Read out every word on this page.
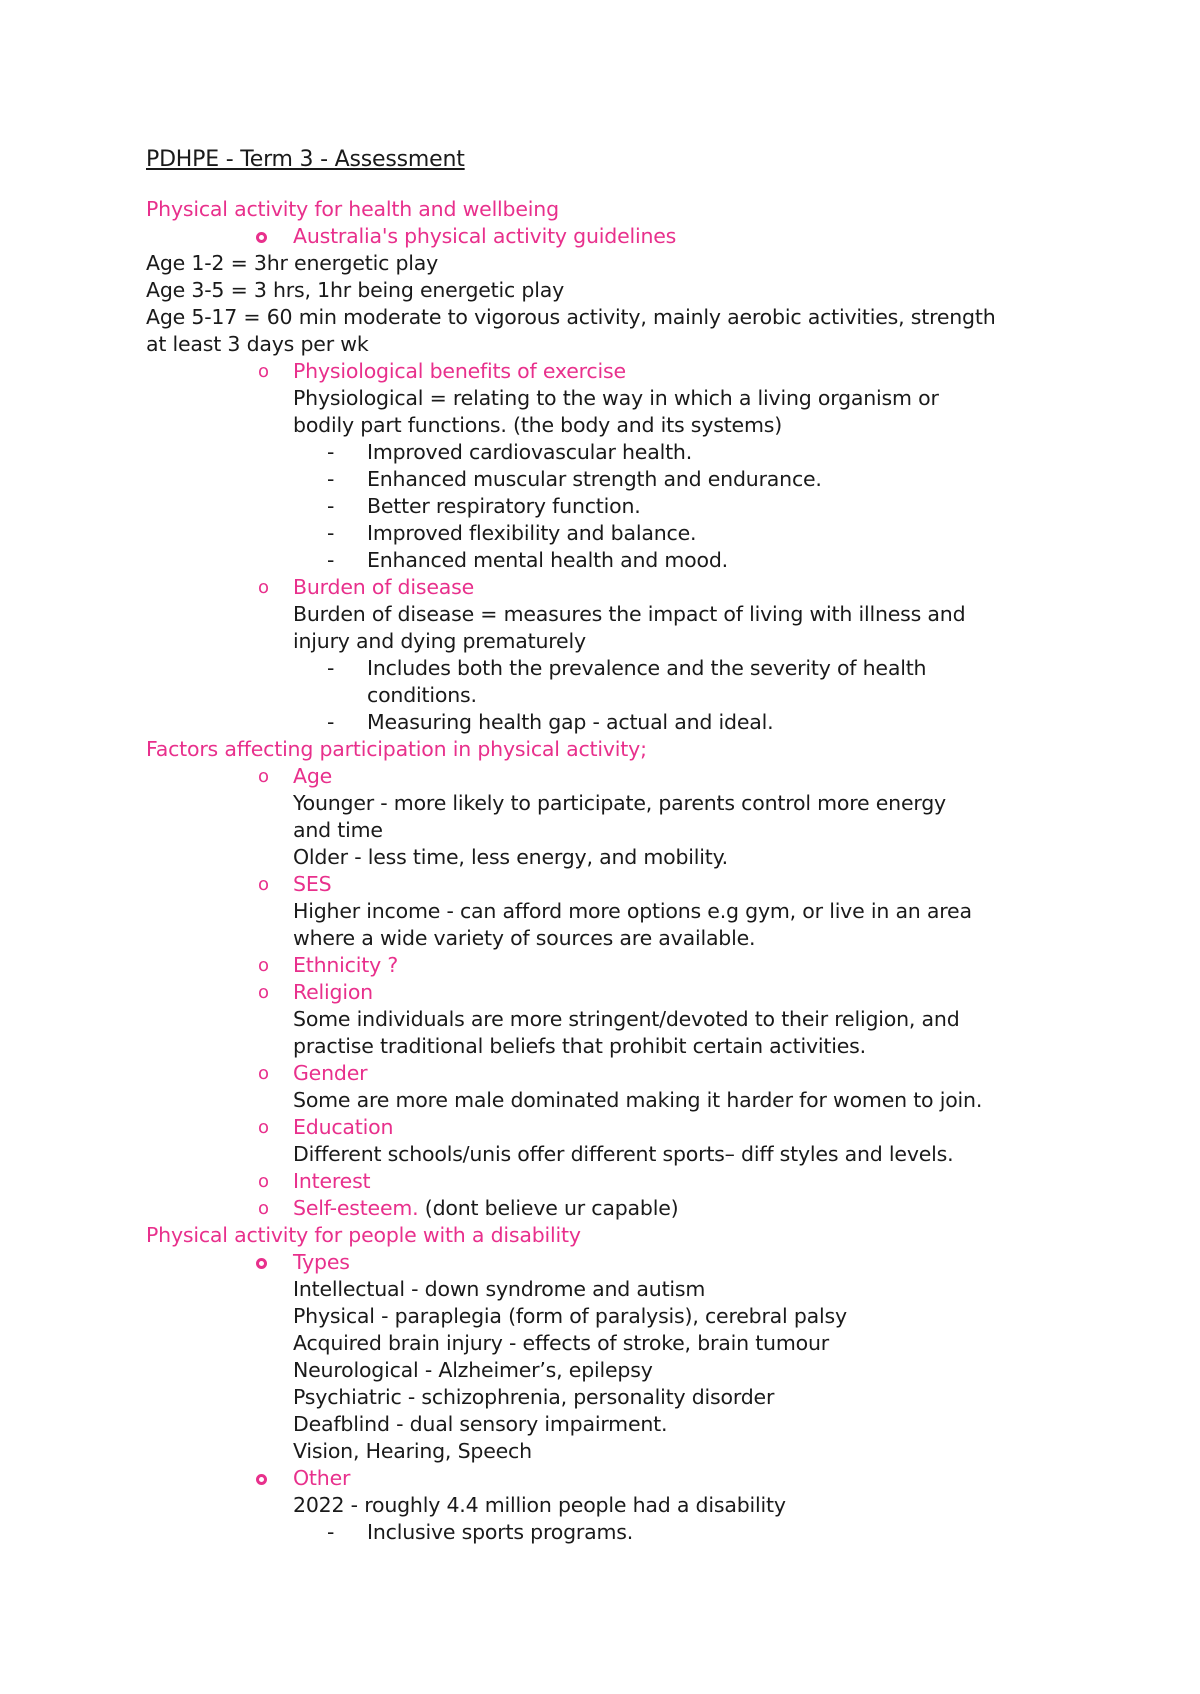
PDHPE - Term 3 - Assessment
Physical activity for health and wellbeing
Australia's physical activity guidelines
Age 1-2 = 3hr energetic play
Age 3-5 = 3 hrs, 1hr being energetic play
Age 5-17 = 60 min moderate to vigorous activity, mainly aerobic activities, strength
at least 3 days per wk
o Physiological benefits of exercise
Physiological = relating to the way in which a living organism or
bodily part functions. (the body and its systems)
- Improved cardiovascular health.
- Enhanced muscular strength and endurance.
- Better respiratory function.
- Improved flexibility and balance.
- Enhanced mental health and mood.
o Burden of disease
Burden of disease = measures the impact of living with illness and
injury and dying prematurely
- Includes both the prevalence and the severity of health
conditions.
- Measuring health gap - actual and ideal.
Factors affecting participation in physical activity;
o Age
Younger - more likely to participate, parents control more energy
and time
Older - less time, less energy, and mobility.
o SES
Higher income - can afford more options e.g gym, or live in an area
where a wide variety of sources are available.
o Ethnicity ?
o Religion
Some individuals are more stringent/devoted to their religion, and
practise traditional beliefs that prohibit certain activities.
o Gender
Some are more male dominated making it harder for women to join.
o Education
Different schools/unis offer different sports– diff styles and levels.
o Interest
o Self-esteem. (dont believe ur capable)
Physical activity for people with a disability
Types
Intellectual - down syndrome and autism
Physical - paraplegia (form of paralysis), cerebral palsy
Acquired brain injury - effects of stroke, brain tumour
Neurological - Alzheimer’s, epilepsy
Psychiatric - schizophrenia, personality disorder
Deafblind - dual sensory impairment.
Vision, Hearing, Speech
Other
2022 - roughly 4.4 million people had a disability
- Inclusive sports programs.
